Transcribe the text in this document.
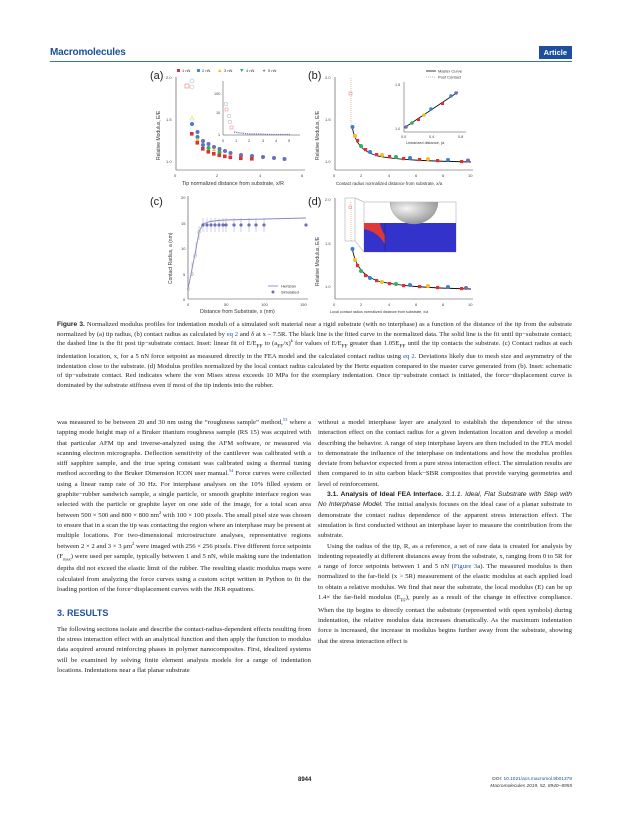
Macromolecules	Article
(a)	1 nN	2 nN	3 nN	4 nN ✦ 5 nN
2.0
1.5
1.0
0	2	4	6
Relative Modulus, E/E
Tip normalized distance from substrate, x/R
100
10
1
0	1	2	3	4	5
(b) 2.0
1.5
1.0
0	2	4	6	8	10
Relative Modulus, E/E
Contact radius normalized distance from substrate, x/a
1.5
1.0
0.0	0.4	0.8
Linearized distance, (a
Master Curve
Post Contact
(c)	20
15
10
5
0
0	50	100	150
Contact Radius, a (nm)
Distance from Substrate, x (nm)
Hertzian
Simulated
(d) 2.0
1.5
1.0
0	2	4	6	8	10
Relative Modulus, E/E
Local contact radius normalized distance from substrate, x/a
Figure 3. Normalized modulus profiles for indentation moduli of a simulated soft material near a rigid substrate (with no interphase) as a function of the distance of the tip from the substrate normalized by (a) tip radius, (b) contact radius as calculated by eq 2 and δ at x – 7.5R. The black line is the fitted curve to the normalized data. The solid line is the fit until tip−substrate contact; the dashed line is the fit post tip−substrate contact. Inset: linear fit of $E/E_{FF}$ to $(a_{FF}/x)^k$ for values of $E/E_{FF}$ greater than $1.05E_{FF}$ until the tip contacts the substrate. (c) Contact radius at each indentation location, x, for a 5 nN force setpoint as measured directly in the FEA model and the calculated contact radius using eq 2. Deviations likely due to mesh size and asymmetry of the indentation close to the substrate. (d) Modulus profiles normalized by the local contact radius calculated by the Hertz equation compared to the master curve generated from (b). Inset: schematic of tip−substrate contact. Red indicates where the von Mises stress exceeds 10 MPa for the exemplary indentation. Once tip−substrate contact is initiated, the force−displacement curve is dominated by the substrate stiffness even if most of the tip indents into the rubber.

was measured to be between 20 and 30 nm using the “roughness sample” method,$^{53}$ where a tapping mode height map of a Bruker titanium roughness sample (RS 15) was acquired with that particular AFM tip and inverse-analyzed using the AFM software, or measured via scanning electron micrographs. Deflection sensitivity of the cantilever was calibrated with a stiff sapphire sample, and the true spring constant was calibrated using a thermal tuning method according to the Bruker Dimension ICON user manual.$^{54}$ Force curves were collected using a linear ramp rate of 30 Hz. For interphase analyses on the 10% filled system or graphite−rubber sandwich sample, a single particle, or smooth graphite interface region was selected with the particle or graphite layer on one side of the image, for a total scan area between 500 × 500 and 800 × 800 $nm^2$ with 100 × 100 pixels. The small pixel size was chosen to ensure that in a scan the tip was contacting the region where an interphase may be present at multiple locations. For two-dimensional microstructure analyses, representative regions between 2 × 2 and 3 × 3 $\mu m^2$ were imaged with 256 × 256 pixels. Five different force setpoints $(F_{max})$ were used per sample, typically between 1 and 5 nN, while making sure the indentation depths did not exceed the elastic limit of the rubber. The resulting elastic modulus maps were calculated from analyzing the force curves using a custom script written in Python to fit the loading portion of the force−displacement curves with the JKR equations.

3. RESULTS

The following sections isolate and describe the contact-radius-dependent effects resulting from the stress interaction effect with an analytical function and then apply the function to modulus data acquired around reinforcing phases in polymer nanocomposites. First, idealized systems will be examined by solving finite element analysis models for a range of indentation locations. Indentations near a flat planar substrate

without a model interphase layer are analyzed to establish the dependence of the stress interaction effect on the contact radius for a given indentation location and develop a model describing the behavior. A range of step interphase layers are then included in the FEA model to demonstrate the influence of the interphase on indentations and how the modulus profiles deviate from behavior expected from a pure stress interaction effect. The simulation results are then compared to in situ carbon black−SBR composites that provide varying geometries and level of reinforcement.

3.1. Analysis of Ideal FEA Interface. 3.1.1. Ideal, Flat Substrate with Step with No Interphase Model. The initial analysis focuses on the ideal case of a planar substrate to demonstrate the contact radius dependence of the apparent stress interaction effect. The simulation is first conducted without an interphase layer to measure the contribution from the substrate.

Using the radius of the tip, R, as a reference, a set of raw data is created for analysis by indenting repeatedly at different distances away from the substrate, x, ranging from 0 to 5R for a range of force setpoints between 1 and 5 nN (Figure 3a). The measured modulus is then normalized to the far-field (x > 5R) measurement of the elastic modulus at each applied load to obtain a relative modulus. We find that near the substrate, the local modulus (E) can be up 1.4× the far-field modulus $(E_{FF})$, purely as a result of the change in effective compliance. When the tip begins to directly contact the substrate (represented with open symbols) during indentation, the relative modulus data increases dramatically. As the maximum indentation force is increased, the increase in modulus begins further away from the substrate, showing that the stress interaction effect is

8944	DOI: 10.1021/acs.macromol.9b01378
Macromolecules 2019, 52, 8940−8955
